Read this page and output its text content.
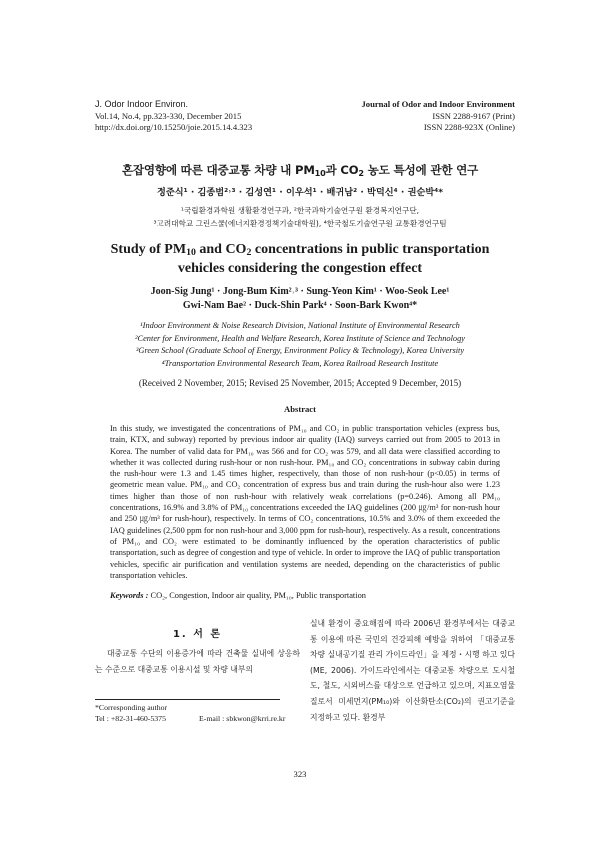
J. Odor Indoor Environ.
Vol.14, No.4, pp.323-330, December 2015
http://dx.doi.org/10.15250/joie.2015.14.4.323
Journal of Odor and Indoor Environment
ISSN 2288-9167 (Print)
ISSN 2288-923X (Online)
혼잡영향에 따른 대중교통 차량 내 $PM_{10}$과 $CO_2$ 농도 특성에 관한 연구
정준식¹ · 김종범²˒³ · 김성연¹ · 이우석¹ · 배귀남² · 박덕신⁴ · 권순박⁴*
¹국립환경과학원 생활환경연구과, ²한국과학기술연구원 환경복지연구단,
³고려대학교 그린스쿨(에너지환경정책기술대학원), ⁴한국철도기술연구원 교통환경연구팀
Study of $PM_{10}$ and $CO_2$ concentrations in public transportation
vehicles considering the congestion effect
Joon-Sig Jung¹ · Jong-Bum Kim²˒³ · Sung-Yeon Kim¹ · Woo-Seok Lee¹
Gwi-Nam Bae² · Duck-Shin Park⁴ · Soon-Bark Kwon⁴*
¹Indoor Environment & Noise Research Division, National Institute of Environmental Research
²Center for Environment, Health and Welfare Research, Korea Institute of Science and Technology
³Green School (Graduate School of Energy, Environment Policy & Technology), Korea University
⁴Transportation Environmental Research Team, Korea Railroad Research Institute
(Received 2 November, 2015; Revised 25 November, 2015; Accepted 9 December, 2015)
Abstract
In this study, we investigated the concentrations of PM₁₀ and CO₂ in public transportation vehicles (express bus, train, KTX, and subway) reported by previous indoor air quality (IAQ) surveys carried out from 2005 to 2013 in Korea. The number of valid data for PM₁₀ was 566 and for CO₂ was 579, and all data were classified according to whether it was collected during rush-hour or non rush-hour. PM₁₀ and CO₂ concentrations in subway cabin during the rush-hour were 1.3 and 1.45 times higher, respectively, than those of non rush-hour (p<0.05) in terms of geometric mean value. PM₁₀ and CO₂ concentration of express bus and train during the rush-hour also were 1.23 times higher than those of non rush-hour with relatively weak correlations (p=0.246). Among all PM₁₀ concentrations, 16.9% and 3.8% of PM₁₀ concentrations exceeded the IAQ guidelines (200 ㎍/m³ for non-rush hour and 250 ㎍/m³ for rush-hour), respectively. In terms of CO₂ concentrations, 10.5% and 3.0% of them exceeded the IAQ guidelines (2,500 ppm for non rush-hour and 3,000 ppm for rush-hour), respectively. As a result, concentrations of PM₁₀ and CO₂ were estimated to be dominantly influenced by the operation characteristics of public transportation, such as degree of congestion and type of vehicle. In order to improve the IAQ of public transportation vehicles, specific air purification and ventilation systems are needed, depending on the characteristics of public transportation vehicles.
Keywords : CO₂, Congestion, Indoor air quality, PM₁₀, Public transportation
1. 서 론
대중교통 수단의 이용증가에 따라 건축물 실내에 상응하는 수준으로 대중교통 이용시설 및 차량 내부의
실내 환경이 중요해짐에 따라 2006년 환경부에서는 대중교통 이용에 따른 국민의 건강피해 예방을 위하여 「대중교통차량 실내공기질 관리 가이드라인」을 제정・시행 하고 있다(ME, 2006). 가이드라인에서는 대중교통 차량으로 도시철도, 철도, 시외버스를 대상으로 언급하고 있으며, 지표오염물질로서 미세먼지(PM₁₀)와 이산화탄소(CO₂)의 권고기준을 지정하고 있다. 환경부
*Corresponding author
Tel : +82-31-460-5375	E-mail : sbkwon@krri.re.kr
323
